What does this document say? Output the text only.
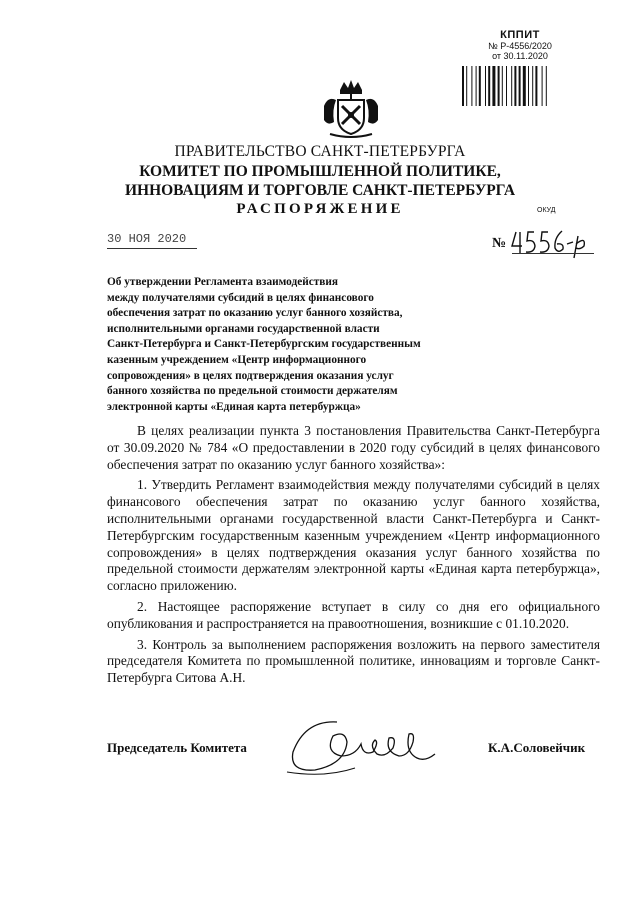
КППИТ
№ Р-4556/2020
от 30.11.2020
ПРАВИТЕЛЬСТВО САНКТ-ПЕТЕРБУРГА
КОМИТЕТ ПО ПРОМЫШЛЕННОЙ ПОЛИТИКЕ,
ИННОВАЦИЯМ И ТОРГОВЛЕ САНКТ-ПЕТЕРБУРГА
РАСПОРЯЖЕНИЕ	ОКУД
30 НОЯ 2020	№
Об утверждении Регламента взаимодействия
между получателями субсидий в целях финансового
обеспечения затрат по оказанию услуг банного хозяйства,
исполнительными органами государственной власти
Санкт-Петербурга и Санкт-Петербургским государственным
казенным учреждением «Центр информационного
сопровождения» в целях подтверждения оказания услуг
банного хозяйства по предельной стоимости держателям
электронной карты «Единая карта петербуржца»

В целях реализации пункта 3 постановления Правительства Санкт-Петербурга от 30.09.2020 № 784 «О предоставлении в 2020 году субсидий в целях финансового обеспечения затрат по оказанию услуг банного хозяйства»:

1. Утвердить Регламент взаимодействия между получателями субсидий в целях финансового обеспечения затрат по оказанию услуг банного хозяйства, исполнительными органами государственной власти Санкт-Петербурга и Санкт-Петербургским государственным казенным учреждением «Центр информационного сопровождения» в целях подтверждения оказания услуг банного хозяйства по предельной стоимости держателям электронной карты «Единая карта петербуржца», согласно приложению.

2. Настоящее распоряжение вступает в силу со дня его официального опубликования и распространяется на правоотношения, возникшие с 01.10.2020.

3. Контроль за выполнением распоряжения возложить на первого заместителя председателя Комитета по промышленной политике, инновациям и торговле Санкт-Петербурга Ситова А.Н.

Председатель Комитета	К.А.Соловейчик
